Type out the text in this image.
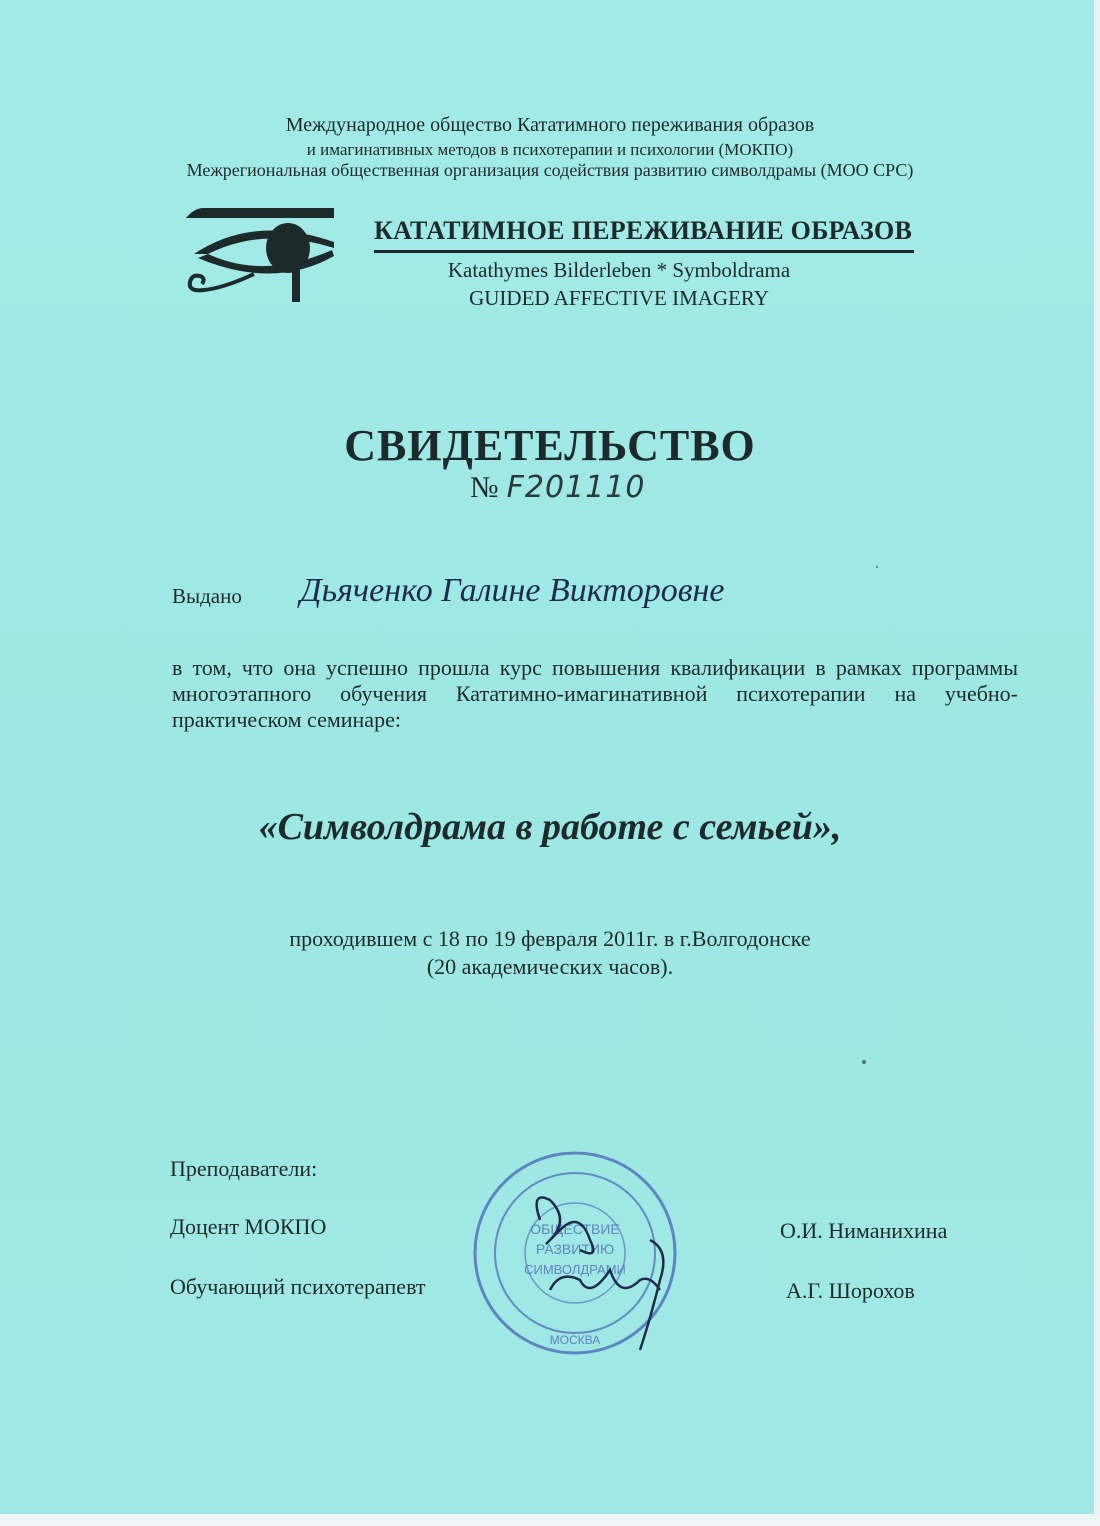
Международное общество Кататимного переживания образов
и имагинативных методов в психотерапии и психологии (МОКПО)
Межрегиональная общественная организация содействия развитию символдрамы (МОО СРС)
КАТАТИМНОЕ ПЕРЕЖИВАНИЕ ОБРАЗОВ
Katathymes Bilderleben * Symboldrama
GUIDED AFFECTIVE IMAGERY
СВИДЕТЕЛЬСТВО
№ F201110
Выдано Дьяченко Галине Викторовне
в том, что она успешно прошла курс повышения квалификации в рамках программы многоэтапного обучения Кататимно-имагинативной психотерапии на учебно-практическом семинаре:
«Символдрама в работе с семьей»,
проходившем с 18 по 19 февраля 2011г. в г.Волгодонске
(20 академических часов).
Преподаватели:
Доцент МОКПО
Обучающий психотерапевт
О.И. Ниманихина
А.Г. Шорохов
ОБЩЕСТВИЕ
РАЗВИТИЮ
СИМВОЛДРАМИ
МОСКВА
